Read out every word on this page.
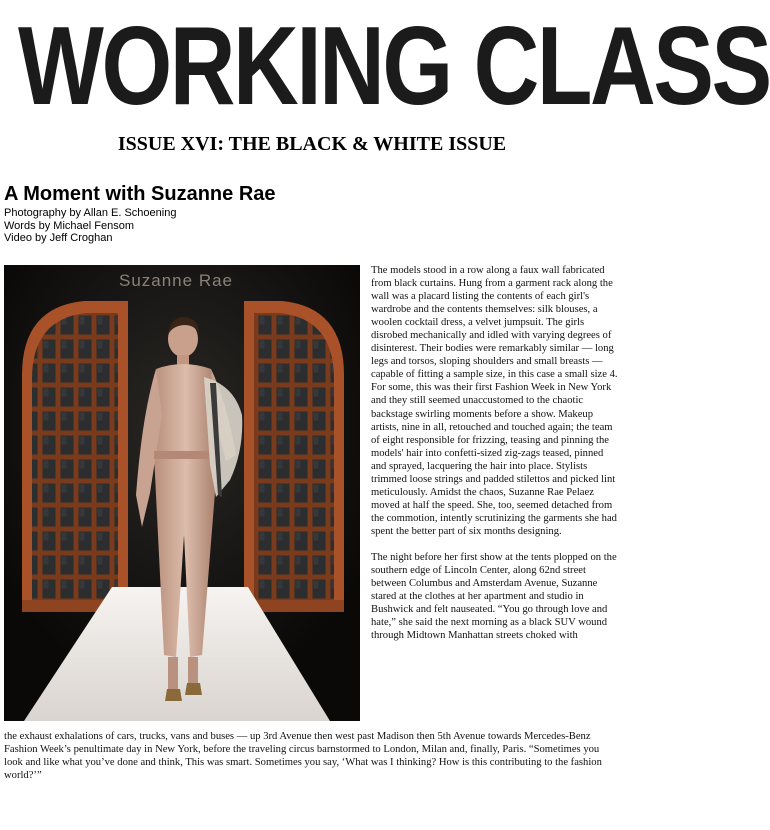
WORKING CLASS
ISSUE XVI: THE BLACK & WHITE ISSUE
A Moment with Suzanne Rae
Photography by Allan E. Schoening
Words by Michael Fensom
Video by Jeff Croghan
Suzanne Rae

The models stood in a row along a faux wall fabricated from black curtains. Hung from a garment rack along the wall was a placard listing the contents of each girl's wardrobe and the contents themselves: silk blouses, a woolen cocktail dress, a velvet jumpsuit. The girls disrobed mechanically and idled with varying degrees of disinterest. Their bodies were remarkably similar — long legs and torsos, sloping shoulders and small breasts — capable of fitting a sample size, in this case a small size 4. For some, this was their first Fashion Week in New York and they still seemed unaccustomed to the chaotic backstage swirling moments before a show. Makeup artists, nine in all, retouched and touched again; the team of eight responsible for frizzing, teasing and pinning the models' hair into confetti-sized zig-zags teased, pinned and sprayed, lacquering the hair into place. Stylists trimmed loose strings and padded stilettos and picked lint meticulously. Amidst the chaos, Suzanne Rae Pelaez moved at half the speed. She, too, seemed detached from the commotion, intently scrutinizing the garments she had spent the better part of six months designing.

The night before her first show at the tents plopped on the southern edge of Lincoln Center, along 62nd street between Columbus and Amsterdam Avenue, Suzanne stared at the clothes at her apartment and studio in Bushwick and felt nauseated. “You go through love and hate,” she said the next morning as a black SUV wound through Midtown Manhattan streets choked with

the exhaust exhalations of cars, trucks, vans and buses — up 3rd Avenue then west past Madison then 5th Avenue towards Mercedes-Benz Fashion Week’s penultimate day in New York, before the traveling circus barnstormed to London, Milan and, finally, Paris. “Sometimes you look and like what you’ve done and think, This was smart. Sometimes you say, ‘What was I thinking? How is this contributing to the fashion world?’”
